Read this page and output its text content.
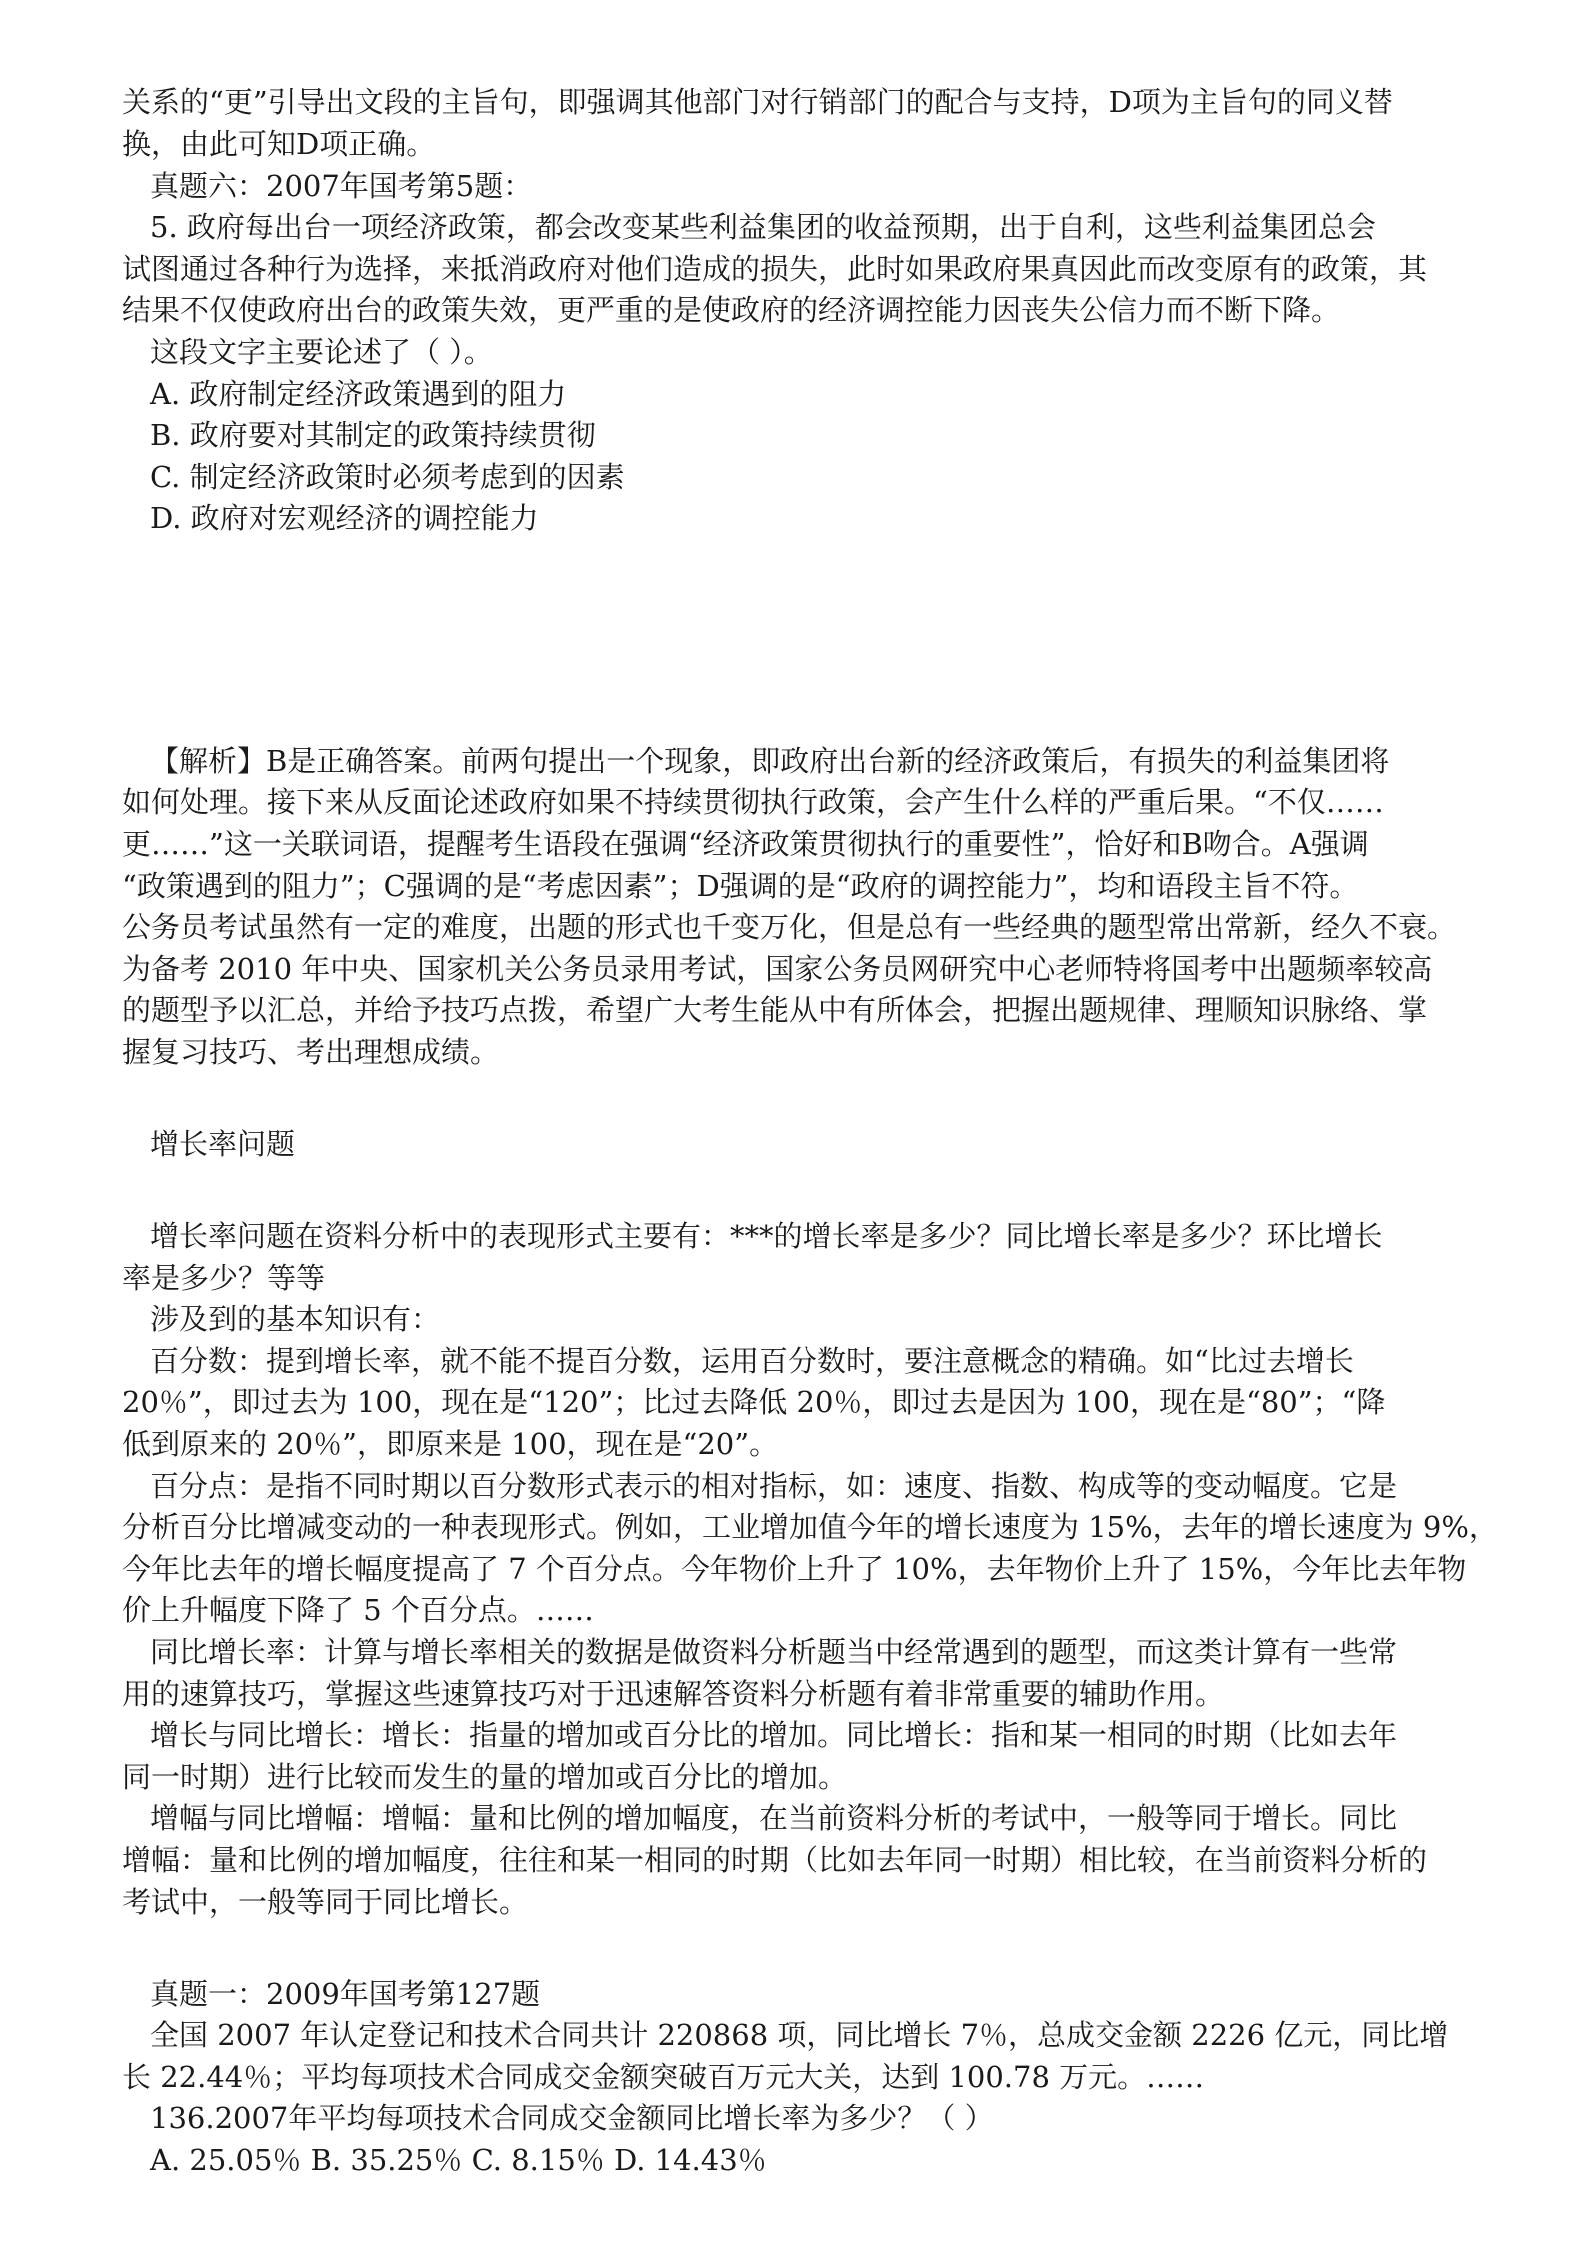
关系的“更”引导出文段的主旨句，即强调其他部门对行销部门的配合与支持，D项为主旨句的同义替

换，由此可知D项正确。

真题六：2007年国考第5题：

5. 政府每出台一项经济政策，都会改变某些利益集团的收益预期，出于自利，这些利益集团总会

试图通过各种行为选择，来抵消政府对他们造成的损失，此时如果政府果真因此而改变原有的政策，其

结果不仅使政府出台的政策失效，更严重的是使政府的经济调控能力因丧失公信力而不断下降。

这段文字主要论述了（ ）。

A. 政府制定经济政策遇到的阻力

B. 政府要对其制定的政策持续贯彻

C. 制定经济政策时必须考虑到的因素

D. 政府对宏观经济的调控能力

【解析】B是正确答案。前两句提出一个现象，即政府出台新的经济政策后，有损失的利益集团将

如何处理。接下来从反面论述政府如果不持续贯彻执行政策，会产生什么样的严重后果。“不仅……

更……”这一关联词语，提醒考生语段在强调“经济政策贯彻执行的重要性”，恰好和B吻合。A强调

“政策遇到的阻力”；C强调的是“考虑因素”；D强调的是“政府的调控能力”，均和语段主旨不符。

公务员考试虽然有一定的难度，出题的形式也千变万化，但是总有一些经典的题型常出常新，经久不衰。

为备考 2010 年中央、国家机关公务员录用考试，国家公务员网研究中心老师特将国考中出题频率较高

的题型予以汇总，并给予技巧点拨，希望广大考生能从中有所体会，把握出题规律、理顺知识脉络、掌

握复习技巧、考出理想成绩。

增长率问题

增长率问题在资料分析中的表现形式主要有：***的增长率是多少？同比增长率是多少？环比增长

率是多少？等等

涉及到的基本知识有：

百分数：提到增长率，就不能不提百分数，运用百分数时，要注意概念的精确。如“比过去增长

20％”，即过去为 100，现在是“120”；比过去降低 20％，即过去是因为 100，现在是“80”；“降

低到原来的 20％”，即原来是 100，现在是“20”。

百分点：是指不同时期以百分数形式表示的相对指标，如：速度、指数、构成等的变动幅度。它是

分析百分比增减变动的一种表现形式。例如，工业增加值今年的增长速度为 15%，去年的增长速度为 9%，

今年比去年的增长幅度提高了 7 个百分点。今年物价上升了 10%，去年物价上升了 15%，今年比去年物

价上升幅度下降了 5 个百分点。……

同比增长率：计算与增长率相关的数据是做资料分析题当中经常遇到的题型，而这类计算有一些常

用的速算技巧，掌握这些速算技巧对于迅速解答资料分析题有着非常重要的辅助作用。

增长与同比增长：增长：指量的增加或百分比的增加。同比增长：指和某一相同的时期（比如去年

同一时期）进行比较而发生的量的增加或百分比的增加。

增幅与同比增幅：增幅：量和比例的增加幅度，在当前资料分析的考试中，一般等同于增长。同比

增幅：量和比例的增加幅度，往往和某一相同的时期（比如去年同一时期）相比较，在当前资料分析的

考试中，一般等同于同比增长。

真题一：2009年国考第127题

全国 2007 年认定登记和技术合同共计 220868 项，同比增长 7％，总成交金额 2226 亿元，同比增

长 22.44％；平均每项技术合同成交金额突破百万元大关，达到 100.78 万元。……

136.2007年平均每项技术合同成交金额同比增长率为多少？（ ）

A. 25.05％ B. 35.25％ C. 8.15％ D. 14.43％
